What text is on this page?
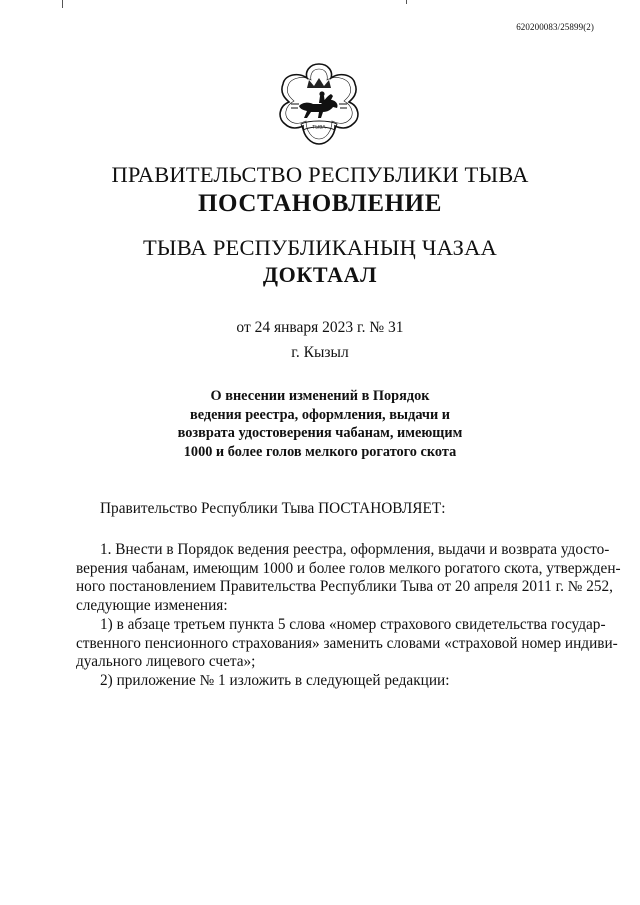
620200083/25899(2)
ТЫВА
ПРАВИТЕЛЬСТВО РЕСПУБЛИКИ ТЫВА
ПОСТАНОВЛЕНИЕ
ТЫВА РЕСПУБЛИКАНЫҢ ЧАЗАА
ДОКТААЛ
от 24 января 2023 г. № 31
г. Кызыл
О внесении изменений в Порядок
ведения реестра, оформления, выдачи и
возврата удостоверения чабанам, имеющим
1000 и более голов мелкого рогатого скота
Правительство Республики Тыва ПОСТАНОВЛЯЕТ:
1. Внести в Порядок ведения реестра, оформления, выдачи и возврата удосто-
верения чабанам, имеющим 1000 и более голов мелкого рогатого скота, утвержден-
ного постановлением Правительства Республики Тыва от 20 апреля 2011 г. № 252,
следующие изменения:
1) в абзаце третьем пункта 5 слова «номер страхового свидетельства государ-
ственного пенсионного страхования» заменить словами «страховой номер индиви-
дуального лицевого счета»;
2) приложение № 1 изложить в следующей редакции:
